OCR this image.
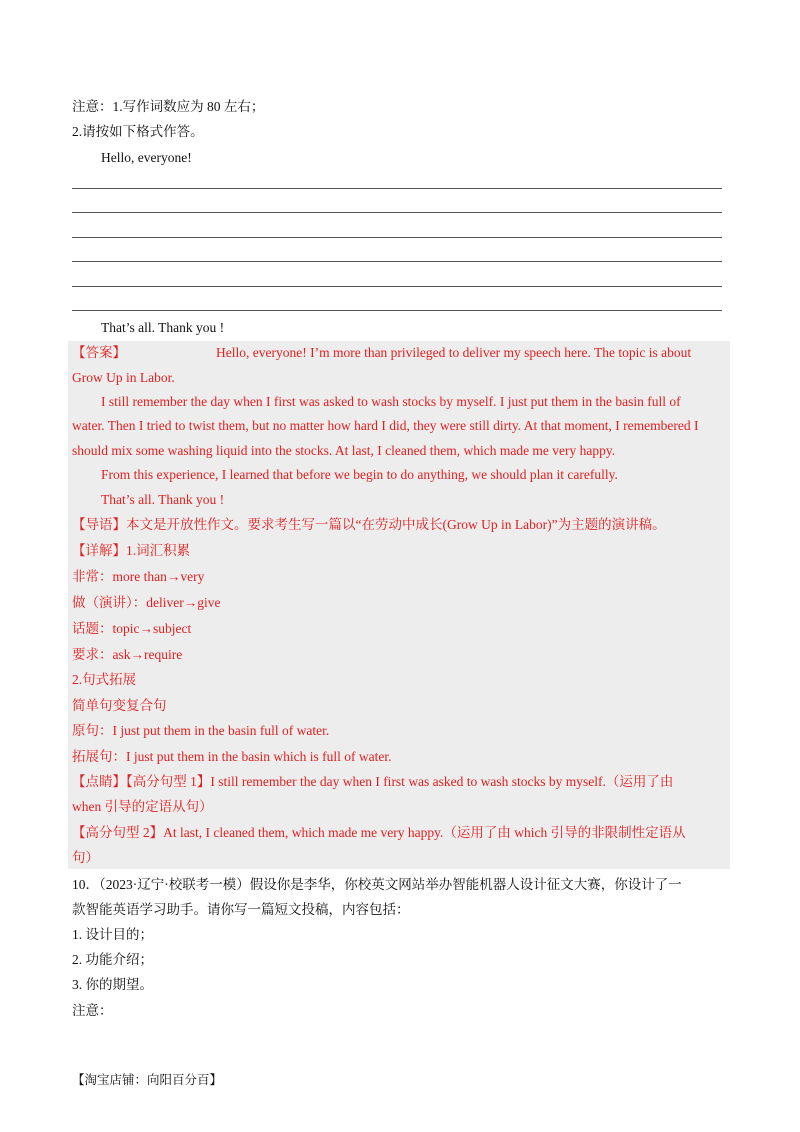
注意：1.写作词数应为 80 左右；
2.请按如下格式作答。
Hello, everyone!
That’s all. Thank you !
【答案】	Hello, everyone! I’m more than privileged to deliver my speech here. The topic is about
Grow Up in Labor.
I still remember the day when I first was asked to wash stocks by myself. I just put them in the basin full of
water. Then I tried to twist them, but no matter how hard I did, they were still dirty. At that moment, I remembered I
should mix some washing liquid into the stocks. At last, I cleaned them, which made me very happy.
From this experience, I learned that before we begin to do anything, we should plan it carefully.
That’s all. Thank you !
【导语】本文是开放性作文。要求考生写一篇以“在劳动中成长(Grow Up in Labor)”为主题的演讲稿。
【详解】1.词汇积累
非常：more than→very
做（演讲）：deliver→give
话题：topic→subject
要求：ask→require
2.句式拓展
简单句变复合句
原句：I just put them in the basin full of water.
拓展句：I just put them in the basin which is full of water.
【点睛】【高分句型 1】I still remember the day when I first was asked to wash stocks by myself.（运用了由
when 引导的定语从句）
【高分句型 2】At last, I cleaned them, which made me very happy.（运用了由 which 引导的非限制性定语从
句）
10．（2023·辽宁·校联考一模）假设你是李华，你校英文网站举办智能机器人设计征文大赛，你设计了一
款智能英语学习助手。请你写一篇短文投稿，内容包括：
1. 设计目的；
2. 功能介绍；
3. 你的期望。
注意：
【淘宝店铺：向阳百分百】
